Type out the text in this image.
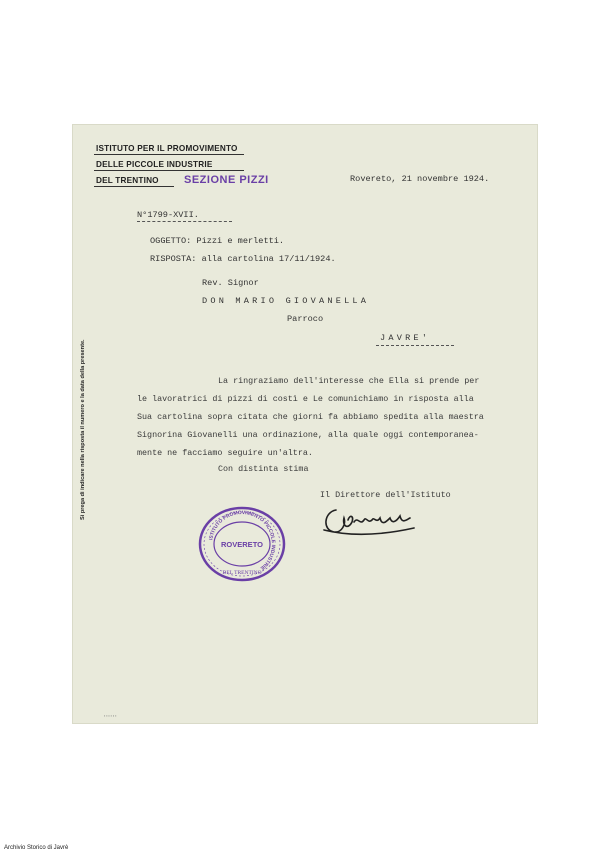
ISTITUTO PER IL PROMOVIMENTO
DELLE PICCOLE INDUSTRIE
DEL TRENTINO SEZIONE PIZZI	Rovereto, 21 novembre 1924.
N°1799-XVII.
OGGETTO: Pizzi e merletti.
RISPOSTA: alla cartolina 17/11/1924.
Rev. Signor
DON MARIO GIOVANELLA
Parroco
JAVRE'
La ringraziamo dell'interesse che Ella si prende per
le lavoratrici di pizzi di costì e Le comunichiamo in risposta alla
Sua cartolina sopra citata che giorni fa abbiamo spedita alla maestra
Signorina Giovanelli una ordinazione, alla quale oggi contemporanea-
mente ne facciamo seguire un'altra.
Con distinta stima
Il Direttore dell'Istituto
ISTITUTO PROMOVIMENTO PICCOLE INDUSTRIE
ROVERETO
DEL TRENTINO
▪ ▪ ▪ ▪ ▪ ▪
Si prega di indicare nella risposta il numero e la data della presente.
Archivio Storico di Javrè
